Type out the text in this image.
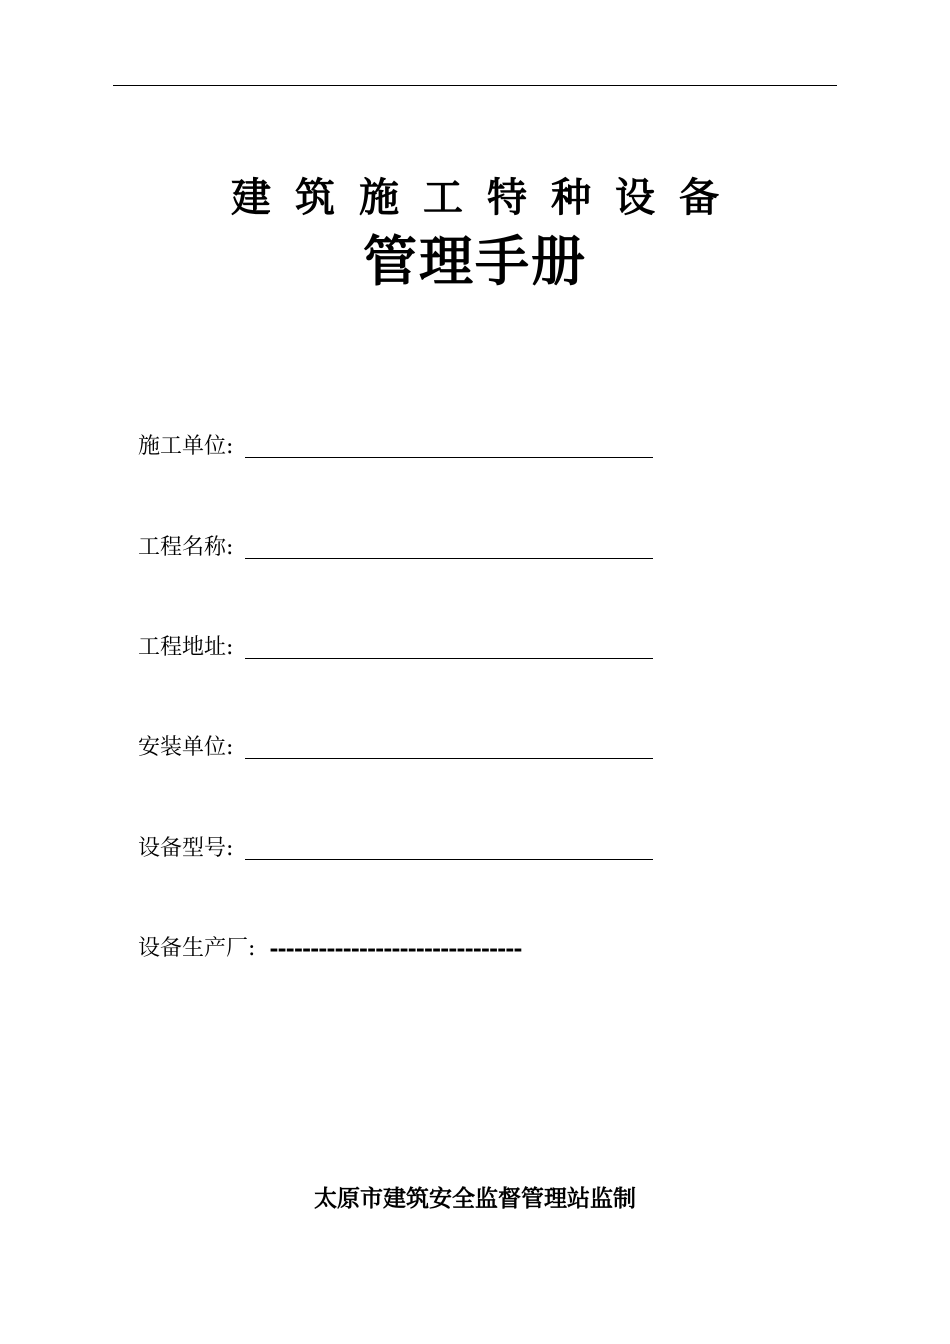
建筑施工特种设备
管理手册
施工单位:
工程名称:
工程地址:
安装单位:
设备型号:
设备生产厂: -------------------------------
太原市建筑安全监督管理站监制
